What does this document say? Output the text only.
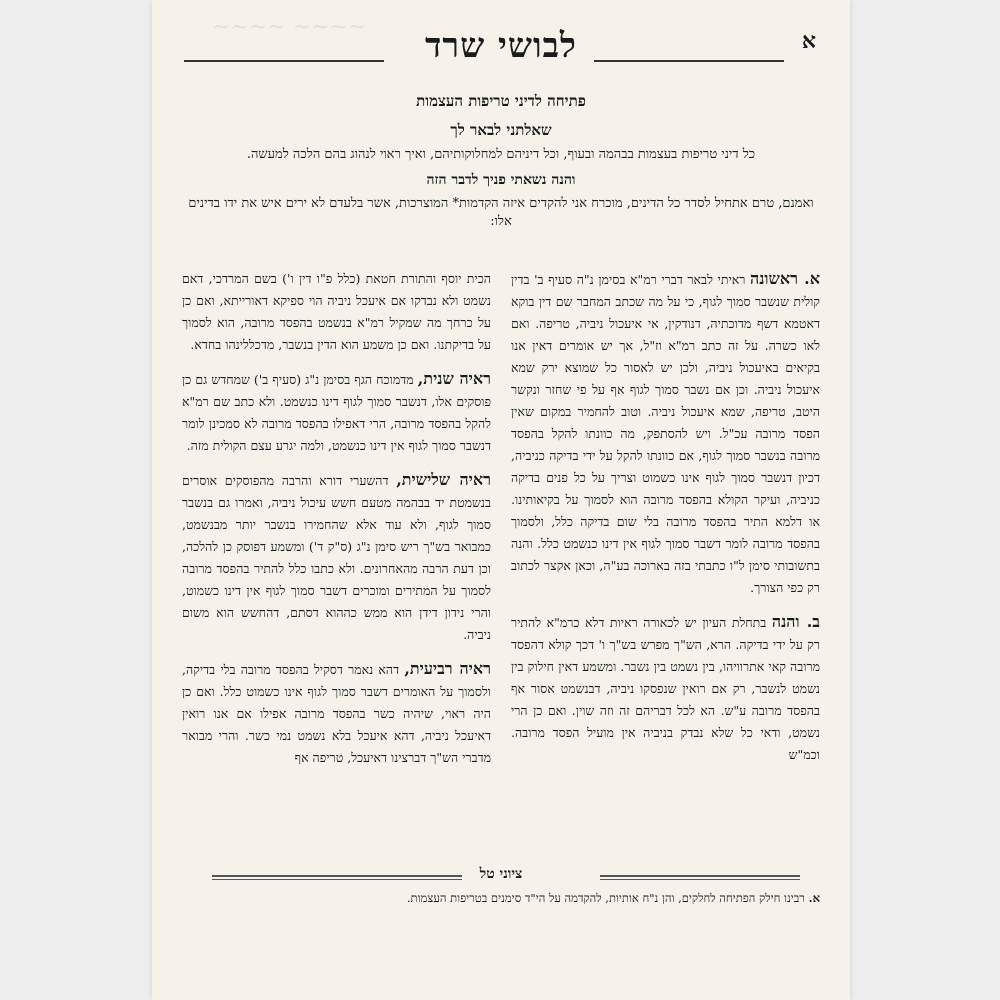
~~~~ ~~~~
א
לבושי שרד
פתיחה לדיני טריפות העצמות
שאלתני לבאר לך
כל דיני טריפות בעצמות בבהמה ובעוף, וכל דיניהם למחלוקותיהם, ואיך ראוי לנהוג בהם הלכה למעשה.
והנה נשאתי פניך לדבר הזה
ואמנם, טרם אתחיל לסדר כל הדינים, מוכרח אני להקדים איזה הקדמות* המוצרכות, אשר בלעדם לא ירים איש את ידו בדינים אלו:

א. ראשונה ראיתי לבאר דברי רמ"א בסימן נ"ה סעיף ב' בדין קולית שנשבר סמוך לגוף, כי על מה שכתב המחבר שם דין בוקא דאטמא דשף מדוכתיה, דנודקין, אי איעכול ניביה, טריפה. ואם לאו כשרה. על זה כתב רמ"א וז"ל, אך יש אומרים דאין אנו בקיאים באיעכול ניביה, ולכן יש לאסור כל שמוצא ירק שמא איעכול ניביה. וכן אם נשבר סמוך לגוף אף על פי שחזר ונקשר היטב, טריפה, שמא איעכול ניביה. וטוב להחמיר במקום שאין הפסד מרובה עכ"ל. ויש להסתפק, מה כוונתו להקל בהפסד מרובה בנשבר סמוך לגוף, אם כוונתו להקל על ידי בדיקה כניביה, דכיון דנשבר סמוך לגוף אינו כשמוט וצריך על כל פנים בדיקה כניביה, ועיקר הקולא בהפסד מרובה הוא לסמוך על בקיאותינו. או דלמא התיר בהפסד מרובה בלי שום בדיקה כלל, ולסמוך בהפסד מרובה לומר דשבר סמוך לגוף אין דינו כנשמט כלל. והנה בתשובותי סימן ל"ו כתבתי בזה בארוכה בע"ה, וכאן אקצר לכתוב רק כפי הצורך.

ב. והנה בתחלת העיון יש לכאורה ראיות דלא כרמ"א להתיר רק על ידי בדיקה. הרא, הש"ך מפרש בש"ך ו' דכך קולא דהפסד מרובה קאי אתרוויהו, בין נשמט בין נשבר. ומשמע דאין חילוק בין נשמט לנשבר, רק אם רואין שנפסקו ניביה, דבנשמט אסור אף בהפסד מרובה ע"ש. הא לכל דבריהם זה וזה שוין. ואם כן הרי נשמט, ודאי כל שלא נבדק בניביה אין מועיל הפסד מרובה. וכמ"ש

הכית יוסף והתורת חטאת (כלל פ"ו דין ו') בשם המרדכי, דאם נשמט ולא נבדקו אם איעכל ניביה הוי ספיקא דאורייתא, ואם כן על כרחך מה שמקיל רמ"א בנשמט בהפסד מרובה, הוא לסמוך על בדיקתנו. ואם כן משמע הוא הדין בנשבר, מדכללינהו בחדא.

ראיה שנית, מדמוכח הגף בסימן נ"ג (סעיף ב') שמחדש גם כן פוסקים אלו, דנשבר סמוך לגוף דינו כנשמט. ולא כתב שם רמ"א להקל בהפסד מרובה, הרי דאפילו בהפסד מרובה לא סמכינן לומר דנשבר סמוך לגוף אין דינו כנשמט, ולמה יגרע עצם הקולית מזה.

ראיה שלישית, דהשערי דורא והרבה מהפוסקים אוסרים בנשמטת יד בבהמה מטעם חשש עיכול ניביה, ואמרו גם בנשבר סמוך לגוף, ולא עוד אלא שהחמירו בנשבר יותר מבנשמט, כמבואר בש"ך ריש סימן נ"ג (ס"ק ד') ומשמע דפוסק כן להלכה, וכן דעת הרבה מהאחרונים. ולא כתבו כלל להתיר בהפסד מרובה לסמוך על המתירים ומוכרים דשבר סמוך לגוף אין דינו כשמוט, והרי נידון דידן הוא ממש כההוא דסתם, דהחשש הוא משום ניביה.

ראיה רביעית, דהא נאמר דסקיל בהפסד מרובה בלי בדיקה, ולסמוך על האומרים דשבר סמוך לגוף אינו כשמוט כלל. ואם כן היה ראוי, שיהיה כשר בהפסד מרובה אפילו אם אנו רואין דאיעכל ניביה, דהא איעכל בלא נשמט נמי כשר. והרי מבואר מדברי הש"ך דברצינו דאיעכל, טריפה אף

ציוני טל
א. רבינו חילק הפתיחה לחלקים, והן נ"ח אותיות, להקדמה על הי"ד סימנים בטריפות העצמות.
